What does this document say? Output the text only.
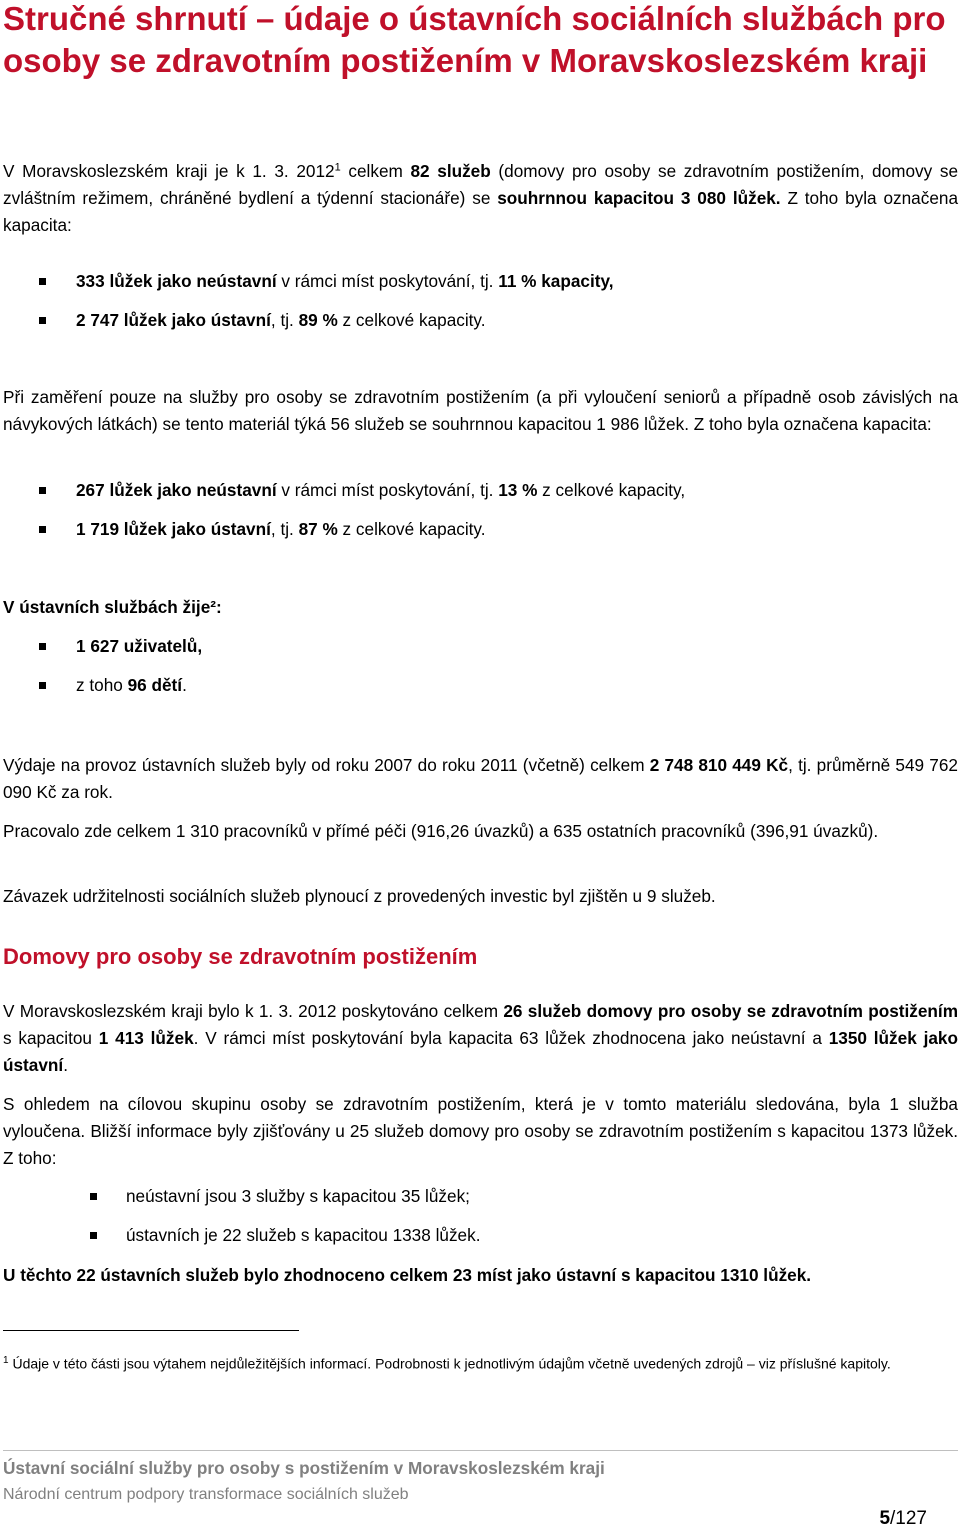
Stručné shrnutí – údaje o ústavních sociálních službách pro osoby se zdravotním postižením v Moravskoslezském kraji

V Moravskoslezském kraji je k 1. 3. 2012$^1$ celkem 82 služeb (domovy pro osoby se zdravotním postižením, domovy se zvláštním režimem, chráněné bydlení a týdenní stacionáře) se souhrnnou kapacitou 3 080 lůžek. Z toho byla označena kapacita:

333 lůžek jako neústavní v rámci míst poskytování, tj. 11 % kapacity,
2 747 lůžek jako ústavní, tj. 89 % z celkové kapacity.

Při zaměření pouze na služby pro osoby se zdravotním postižením (a při vyloučení seniorů a případně osob závislých na návykových látkách) se tento materiál týká 56 služeb se souhrnnou kapacitou 1 986 lůžek. Z toho byla označena kapacita:

267 lůžek jako neústavní v rámci míst poskytování, tj. 13 % z celkové kapacity,
1 719 lůžek jako ústavní, tj. 87 % z celkové kapacity.

V ústavních službách žije²:

1 627 uživatelů,
z toho 96 dětí.

Výdaje na provoz ústavních služeb byly od roku 2007 do roku 2011 (včetně) celkem 2 748 810 449 Kč, tj. průměrně 549 762 090 Kč za rok.

Pracovalo zde celkem 1 310 pracovníků v přímé péči (916,26 úvazků) a 635 ostatních pracovníků (396,91 úvazků).

Závazek udržitelnosti sociálních služeb plynoucí z provedených investic byl zjištěn u 9 služeb.

Domovy pro osoby se zdravotním postižením

V Moravskoslezském kraji bylo k 1. 3. 2012 poskytováno celkem 26 služeb domovy pro osoby se zdravotním postižením s kapacitou 1 413 lůžek. V rámci míst poskytování byla kapacita 63 lůžek zhodnocena jako neústavní a 1350 lůžek jako ústavní.

S ohledem na cílovou skupinu osoby se zdravotním postižením, která je v tomto materiálu sledována, byla 1 služba vyloučena. Bližší informace byly zjišťovány u 25 služeb domovy pro osoby se zdravotním postižením s kapacitou 1373 lůžek. Z toho:

neústavní jsou 3 služby s kapacitou 35 lůžek;
ústavních je 22 služeb s kapacitou 1338 lůžek.

U těchto 22 ústavních služeb bylo zhodnoceno celkem 23 míst jako ústavní s kapacitou 1310 lůžek.

$^1$ Údaje v této části jsou výtahem nejdůležitějších informací. Podrobnosti k jednotlivým údajům včetně uvedených zdrojů – viz příslušné kapitoly.

Ústavní sociální služby pro osoby s postižením v Moravskoslezském kraji
Národní centrum podpory transformace sociálních služeb
5/127
